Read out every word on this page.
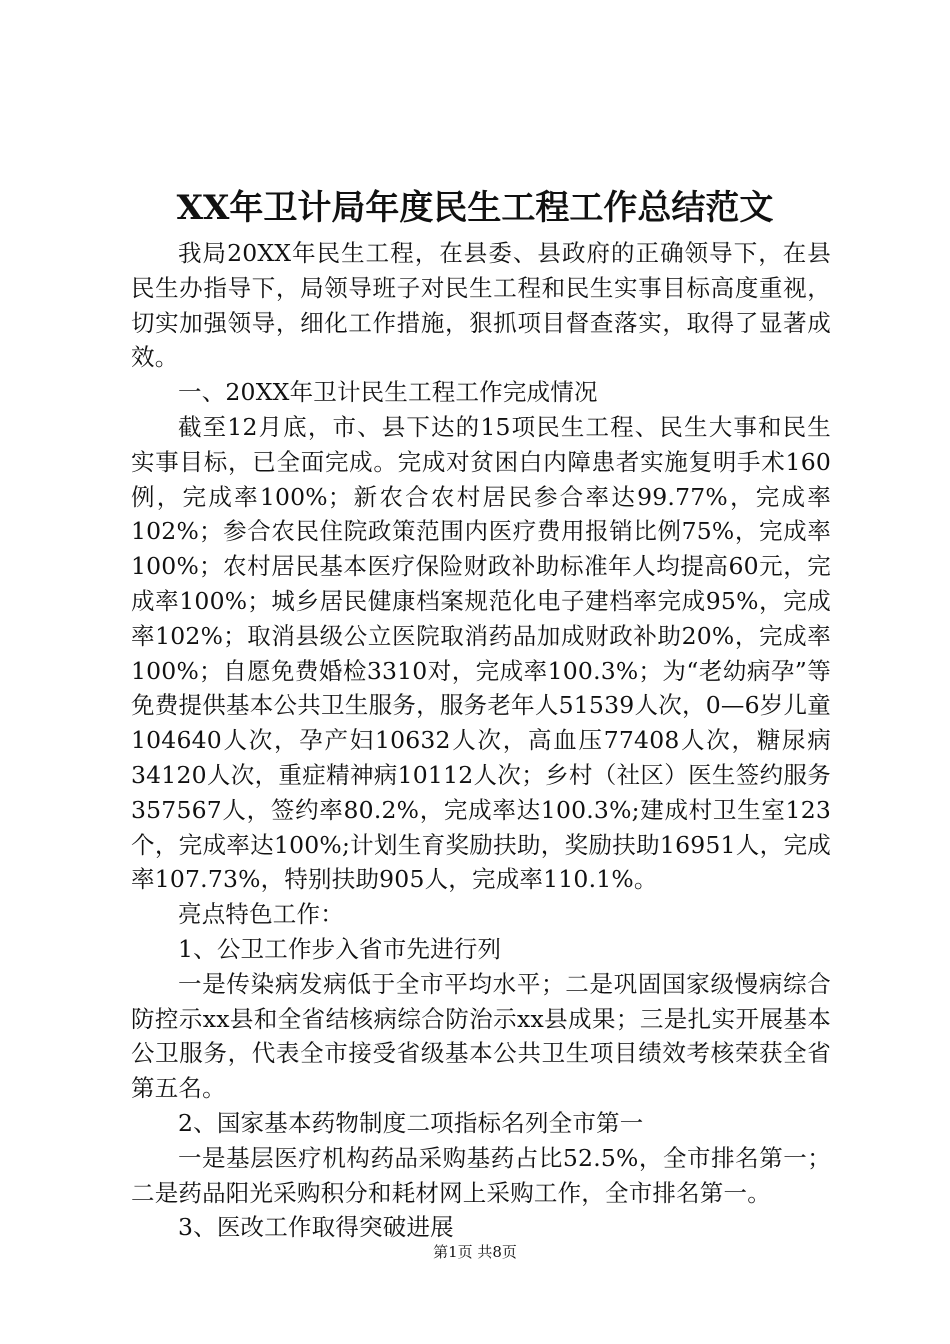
XX年卫计局年度民生工程工作总结范文

我局20XX年民生工程，在县委、县政府的正确领导下，在县民生办指导下，局领导班子对民生工程和民生实事目标高度重视，切实加强领导，细化工作措施，狠抓项目督查落实，取得了显著成效。

一、20XX年卫计民生工程工作完成情况

截至12月底，市、县下达的15项民生工程、民生大事和民生实事目标，已全面完成。完成对贫困白内障患者实施复明手术160例，完成率100%；新农合农村居民参合率达99.77%，完成率102%；参合农民住院政策范围内医疗费用报销比例75%，完成率100%；农村居民基本医疗保险财政补助标准年人均提高60元，完成率100%；城乡居民健康档案规范化电子建档率完成95%，完成率102%；取消县级公立医院取消药品加成财政补助20%，完成率100%；自愿免费婚检3310对，完成率100.3%；为“老幼病孕”等免费提供基本公共卫生服务，服务老年人51539人次，0—6岁儿童104640人次，孕产妇10632人次，高血压77408人次，糖尿病34120人次，重症精神病10112人次；乡村（社区）医生签约服务357567人，签约率80.2%，完成率达100.3%;建成村卫生室123个，完成率达100%;计划生育奖励扶助，奖励扶助16951人，完成率107.73%，特别扶助905人，完成率110.1%。

亮点特色工作：

1、公卫工作步入省市先进行列

一是传染病发病低于全市平均水平；二是巩固国家级慢病综合防控示xx县和全省结核病综合防治示xx县成果；三是扎实开展基本公卫服务，代表全市接受省级基本公共卫生项目绩效考核荣获全省第五名。

2、国家基本药物制度二项指标名列全市第一

一是基层医疗机构药品采购基药占比52.5%，全市排名第一；二是药品阳光采购积分和耗材网上采购工作，全市排名第一。

3、医改工作取得突破进展

第1页 共8页
